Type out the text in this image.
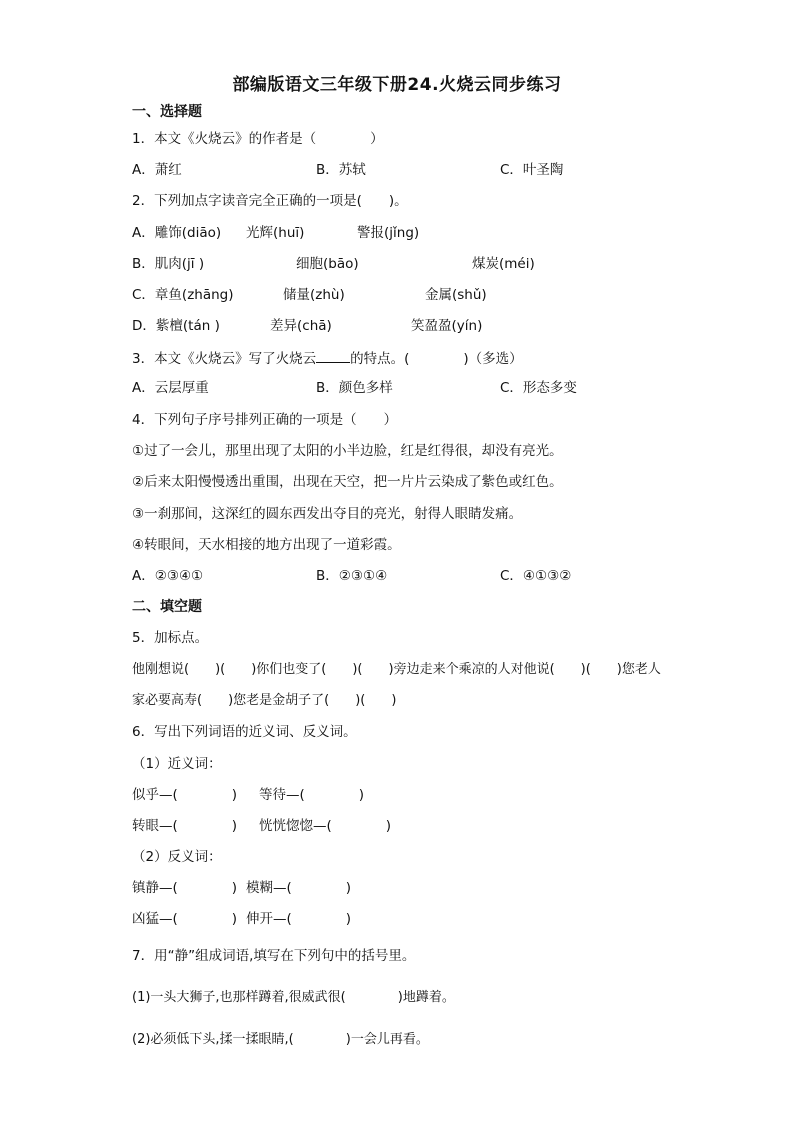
部编版语文三年级下册24.火烧云同步练习
一、选择题
1．本文《火烧云》的作者是（　　　　）
A．萧红	B．苏轼	C．叶圣陶
2．下列加点字读音完全正确的一项是(　　)。
A．雕饰(diāo) 光辉(huī)	警报(jǐng)
B．肌肉(jī )	细胞(bāo)	煤炭(méi)
C．章鱼(zhāng)	储量(zhù)	金属(shǔ)
D．紫檀(tán )	差异(chā)	笑盈盈(yín)
3．本文《火烧云》写了火烧云	的特点。(　　　　)（多选）
A．云层厚重	B．颜色多样	C．形态多变
4．下列句子序号排列正确的一项是（　　）
①过了一会儿，那里出现了太阳的小半边脸，红是红得很，却没有亮光。
②后来太阳慢慢透出重围，出现在天空，把一片片云染成了紫色或红色。
③一刹那间，这深红的圆东西发出夺目的亮光，射得人眼睛发痛。
④转眼间，天水相接的地方出现了一道彩霞。
A．②③④①	B．②③①④	C．④①③②
二、填空题
5．加标点。
他刚想说(　　)(　　)你们也变了(　　)(　　)旁边走来个乘凉的人对他说(　　)(　　)您老人
家必要高寿(　　)您老是金胡子了(　　)(　　)
6．写出下列词语的近义词、反义词。
（1）近义词：
似乎—(　　　　) 等待—(　　　　)
转眼—(　　　　) 恍恍惚惚—(　　　　)
（2）反义词：
镇静—(　　　　) 模糊—(　　　　)
凶猛—(　　　　) 伸开—(　　　　)
7．用“静”组成词语,填写在下列句中的括号里。
(1)一头大狮子,也那样蹲着,很威武很(　　　　)地蹲着。
(2)必须低下头,揉一揉眼睛,(　　　　)一会儿再看。
